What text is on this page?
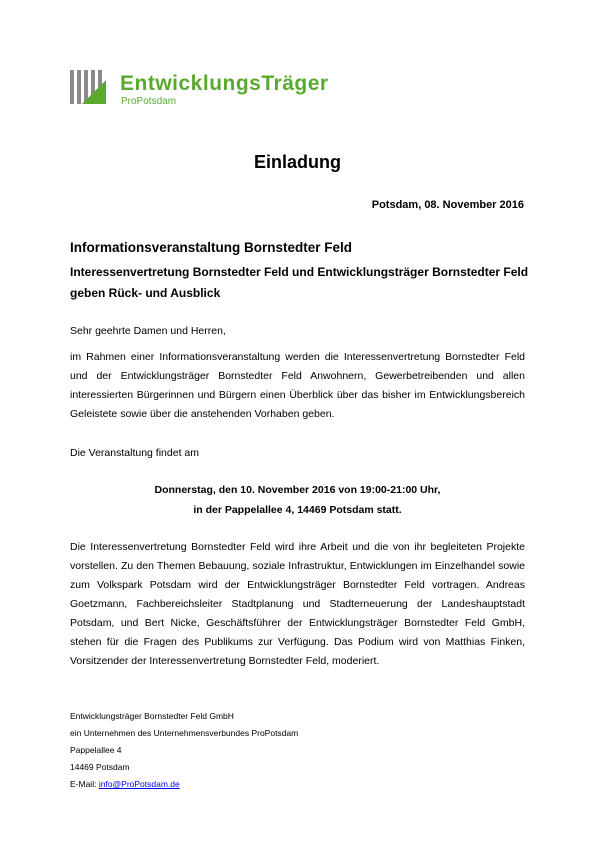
EntwicklungsTräger
ProPotsdam
Einladung
Potsdam, 08. November 2016
Informationsveranstaltung Bornstedter Feld
Interessenvertretung Bornstedter Feld und Entwicklungsträger Bornstedter Feld geben Rück- und Ausblick
Sehr geehrte Damen und Herren,
im Rahmen einer Informationsveranstaltung werden die Interessenvertretung Bornstedter Feld und der Entwicklungsträger Bornstedter Feld Anwohnern, Gewerbetreibenden und allen interessierten Bürgerinnen und Bürgern einen Überblick über das bisher im Entwicklungsbereich Geleistete sowie über die anstehenden Vorhaben geben.
Die Veranstaltung findet am
Donnerstag, den 10. November 2016 von 19:00-21:00 Uhr,
in der Pappelallee 4, 14469 Potsdam statt.
Die Interessenvertretung Bornstedter Feld wird ihre Arbeit und die von ihr begleiteten Projekte vorstellen. Zu den Themen Bebauung, soziale Infrastruktur, Entwicklungen im Einzelhandel sowie zum Volkspark Potsdam wird der Entwicklungsträger Bornstedter Feld vortragen. Andreas Goetzmann, Fachbereichsleiter Stadtplanung und Stadterneuerung der Landeshauptstadt Potsdam, und Bert Nicke, Geschäftsführer der Entwicklungsträger Bornstedter Feld GmbH, stehen für die Fragen des Publikums zur Verfügung. Das Podium wird von Matthias Finken, Vorsitzender der Interessenvertretung Bornstedter Feld, moderiert.
Entwicklungsträger Bornstedter Feld GmbH
ein Unternehmen des Unternehmensverbundes ProPotsdam
Pappelallee 4
14469 Potsdam
E-Mail: info@ProPotsdam.de
